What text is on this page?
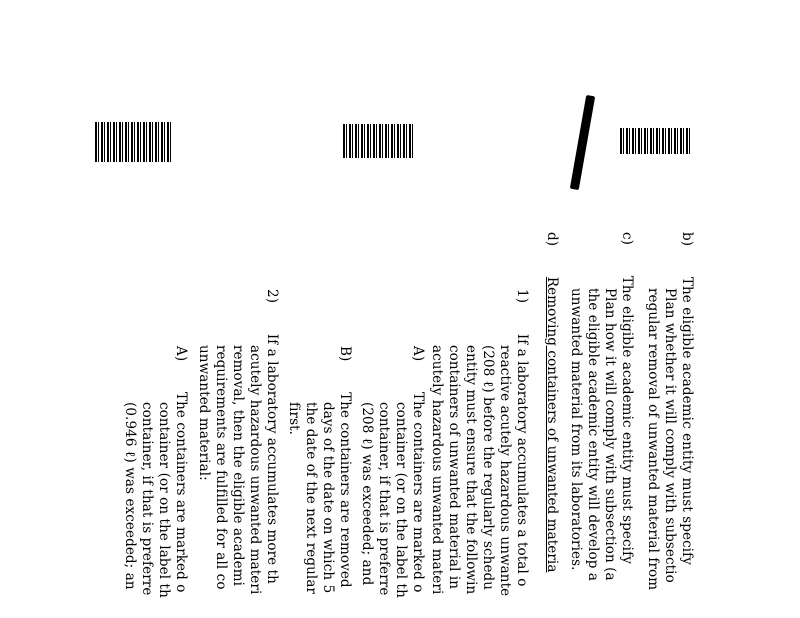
b)       The eligible academic entity must specify
Plan whether it will comply with subsectio
regular removal of unwanted material from
c)       The eligible academic entity must specify
Plan how it will comply with subsection (a
the eligible academic entity will develop a
unwanted material from its laboratories.
d)       Removing containers of unwanted materia
1)       If a laboratory accumulates a total o
reactive acutely hazardous unwante
(208 ℓ) before the regularly schedu
entity must ensure that the followin
containers of unwanted material in
acutely hazardous unwanted materi
A)       The containers are marked o
container (or on the label th
container, if that is preferre
(208 ℓ) was exceeded; and
B)       The containers are removed
days of the date on which 5
the date of the next regular
first.
2)       If a laboratory accumulates more th
acutely hazardous unwanted materi
removal, then the eligible academi
requirements are fulfilled for all co
unwanted material:
A)       The containers are marked o
container (or on the label th
container, if that is preferre
(0.946 ℓ) was exceeded; an
